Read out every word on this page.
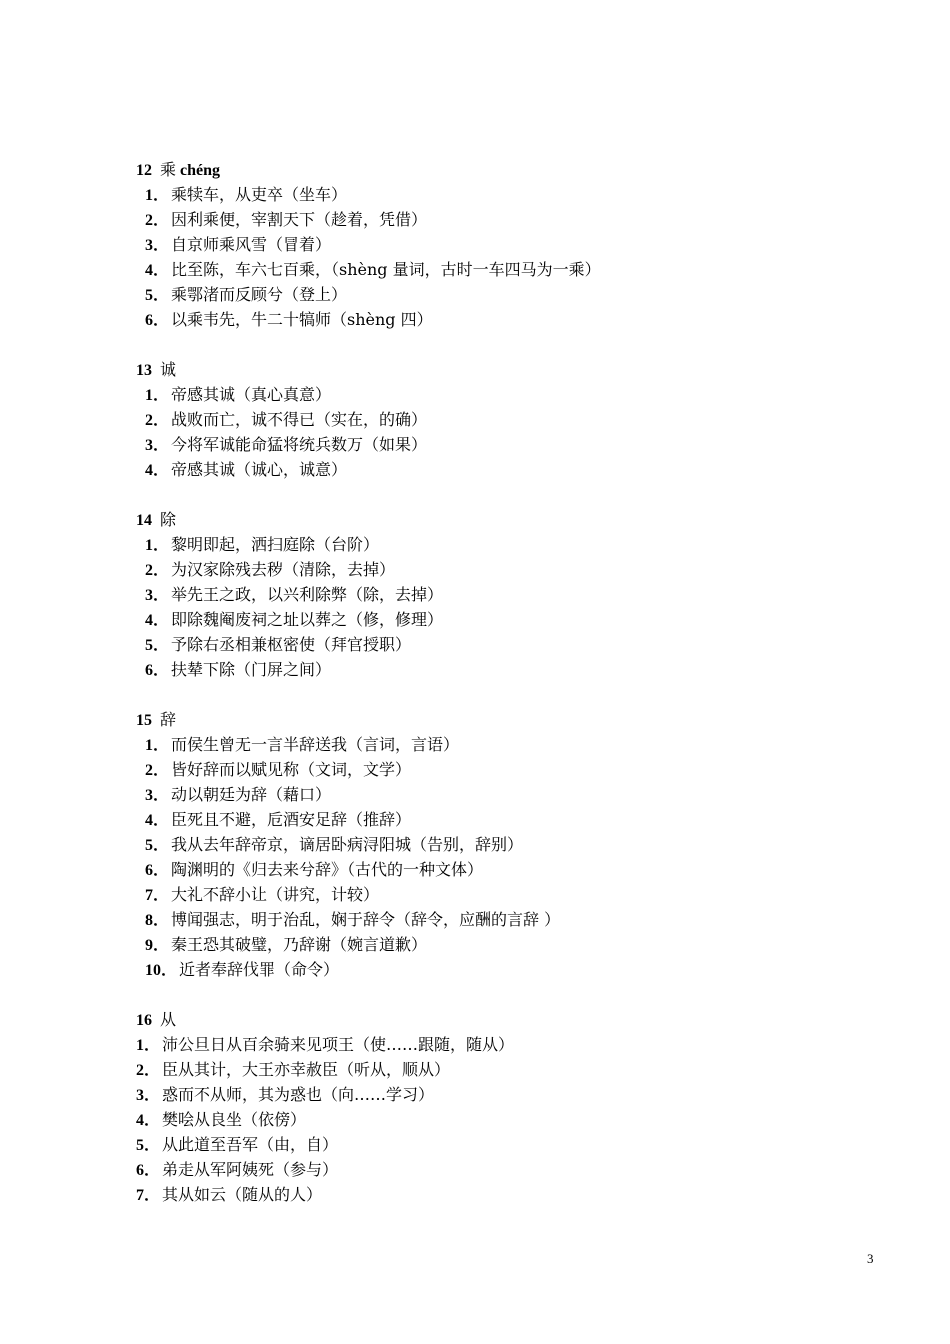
12 乘 chéng
1． 乘犊车，从吏卒（坐车）
2． 因利乘便，宰割天下（趁着，凭借）
3． 自京师乘风雪（冒着）
4． 比至陈，车六七百乘，（shèng 量词，古时一车四马为一乘）
5． 乘鄂渚而反顾兮（登上）
6． 以乘韦先，牛二十犒师（shèng 四）
13 诚
1． 帝感其诚（真心真意）
2． 战败而亡，诚不得已（实在，的确）
3． 今将军诚能命猛将统兵数万（如果）
4． 帝感其诚（诚心，诚意）
14 除
1． 黎明即起，洒扫庭除（台阶）
2． 为汉家除残去秽（清除，去掉）
3． 举先王之政，以兴利除弊（除，去掉）
4． 即除魏阉废祠之址以葬之（修，修理）
5． 予除右丞相兼枢密使（拜官授职）
6． 扶辇下除（门屏之间）
15 辞
1． 而侯生曾无一言半辞送我（言词，言语）
2． 皆好辞而以赋见称（文词，文学）
3． 动以朝廷为辞（藉口）
4． 臣死且不避，卮酒安足辞（推辞）
5． 我从去年辞帝京，谪居卧病浔阳城（告别，辞别）
6． 陶渊明的《归去来兮辞》（古代的一种文体）
7． 大礼不辞小让（讲究，计较）
8． 博闻强志，明于治乱，娴于辞令（辞令，应酬的言辞 ）
9． 秦王恐其破璧，乃辞谢（婉言道歉）
10． 近者奉辞伐罪（命令）
16 从
1． 沛公旦日从百余骑来见项王（使……跟随，随从）
2． 臣从其计，大王亦幸赦臣（听从，顺从）
3． 惑而不从师，其为惑也（向……学习）
4． 樊哙从良坐（依傍）
5． 从此道至吾军（由，自）
6． 弟走从军阿姨死（参与）
7． 其从如云（随从的人）
3
